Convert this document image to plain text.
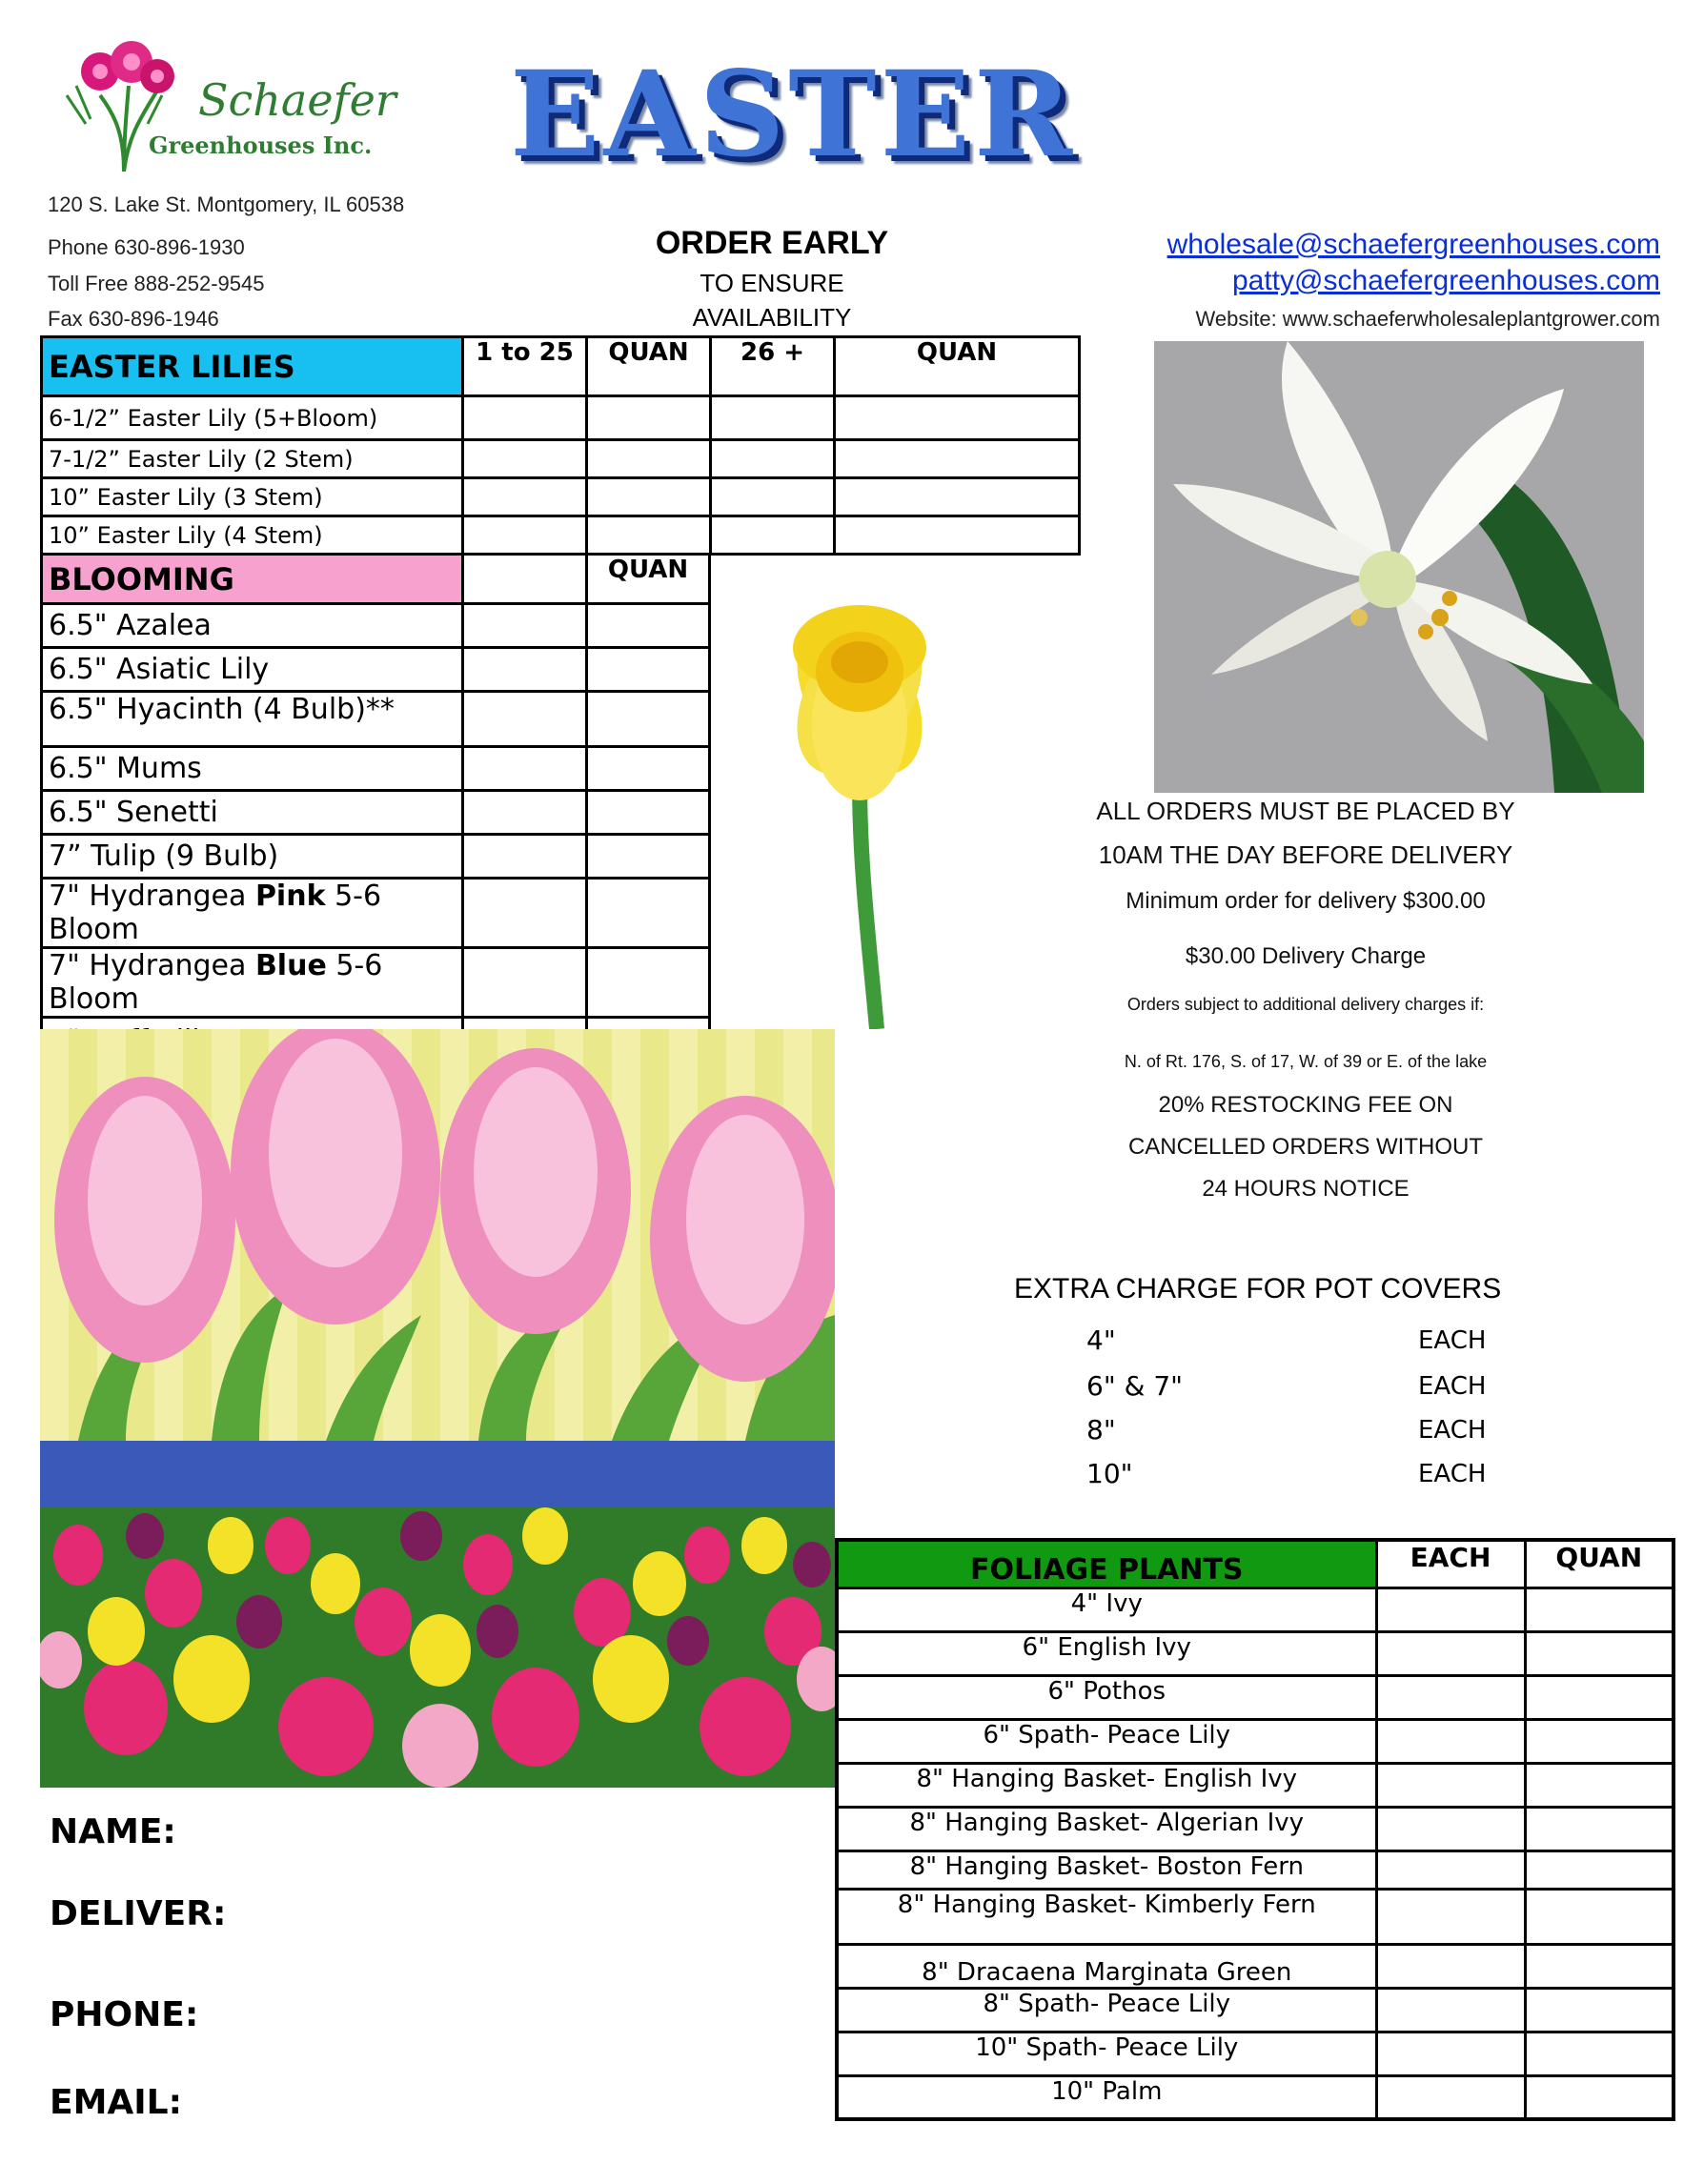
Schaefer
Greenhouses Inc. EASTER
120 S. Lake St. Montgomery, IL 60538
Phone 630-896-1930
Toll Free 888-252-9545
Fax 630-896-1946
ORDER EARLY
TO ENSURE
AVAILABILITY
wholesale@schaefergreenhouses.com
patty@schaefergreenhouses.com
Website: www.schaeferwholesaleplantgrower.com
EASTER LILIES	1 to 25	QUAN	26 +	QUAN
6-1/2” Easter Lily (5+Bloom)				
7-1/2” Easter Lily (2 Stem)				
10” Easter Lily (3 Stem)				
10” Easter Lily (4 Stem)				
BLOOMING		QUAN
6.5" Azalea		
6.5" Asiatic Lily		
6.5" Hyacinth (4 Bulb)**		
6.5" Mums		
6.5" Senetti		
7” Tulip (9 Bulb)		
7" Hydrangea Pink 5-6 Bloom		
7" Hydrangea Blue 5-6 Bloom		

ALL ORDERS MUST BE PLACED BY
10AM THE DAY BEFORE DELIVERY
Minimum order for delivery $300.00
$30.00 Delivery Charge
Orders subject to additional delivery charges if:
N. of Rt. 176, S. of 17, W. of 39 or E. of the lake
20% RESTOCKING FEE ON
CANCELLED ORDERS WITHOUT
24 HOURS NOTICE
EXTRA CHARGE FOR POT COVERS
4"	EACH
6" & 7"	EACH
8"	EACH
10"	EACH
FOLIAGE PLANTS	EACH	QUAN
4" Ivy		
6" English Ivy		
6" Pothos		
6" Spath- Peace Lily		
8" Hanging Basket- English Ivy		
8" Hanging Basket- Algerian Ivy		
8" Hanging Basket- Boston Fern		
8" Hanging Basket- Kimberly Fern		
8" Dracaena Marginata Green		
8" Spath- Peace Lily		
10" Spath- Peace Lily		
10" Palm		
NAME:
DELIVER:
PHONE:
EMAIL:
